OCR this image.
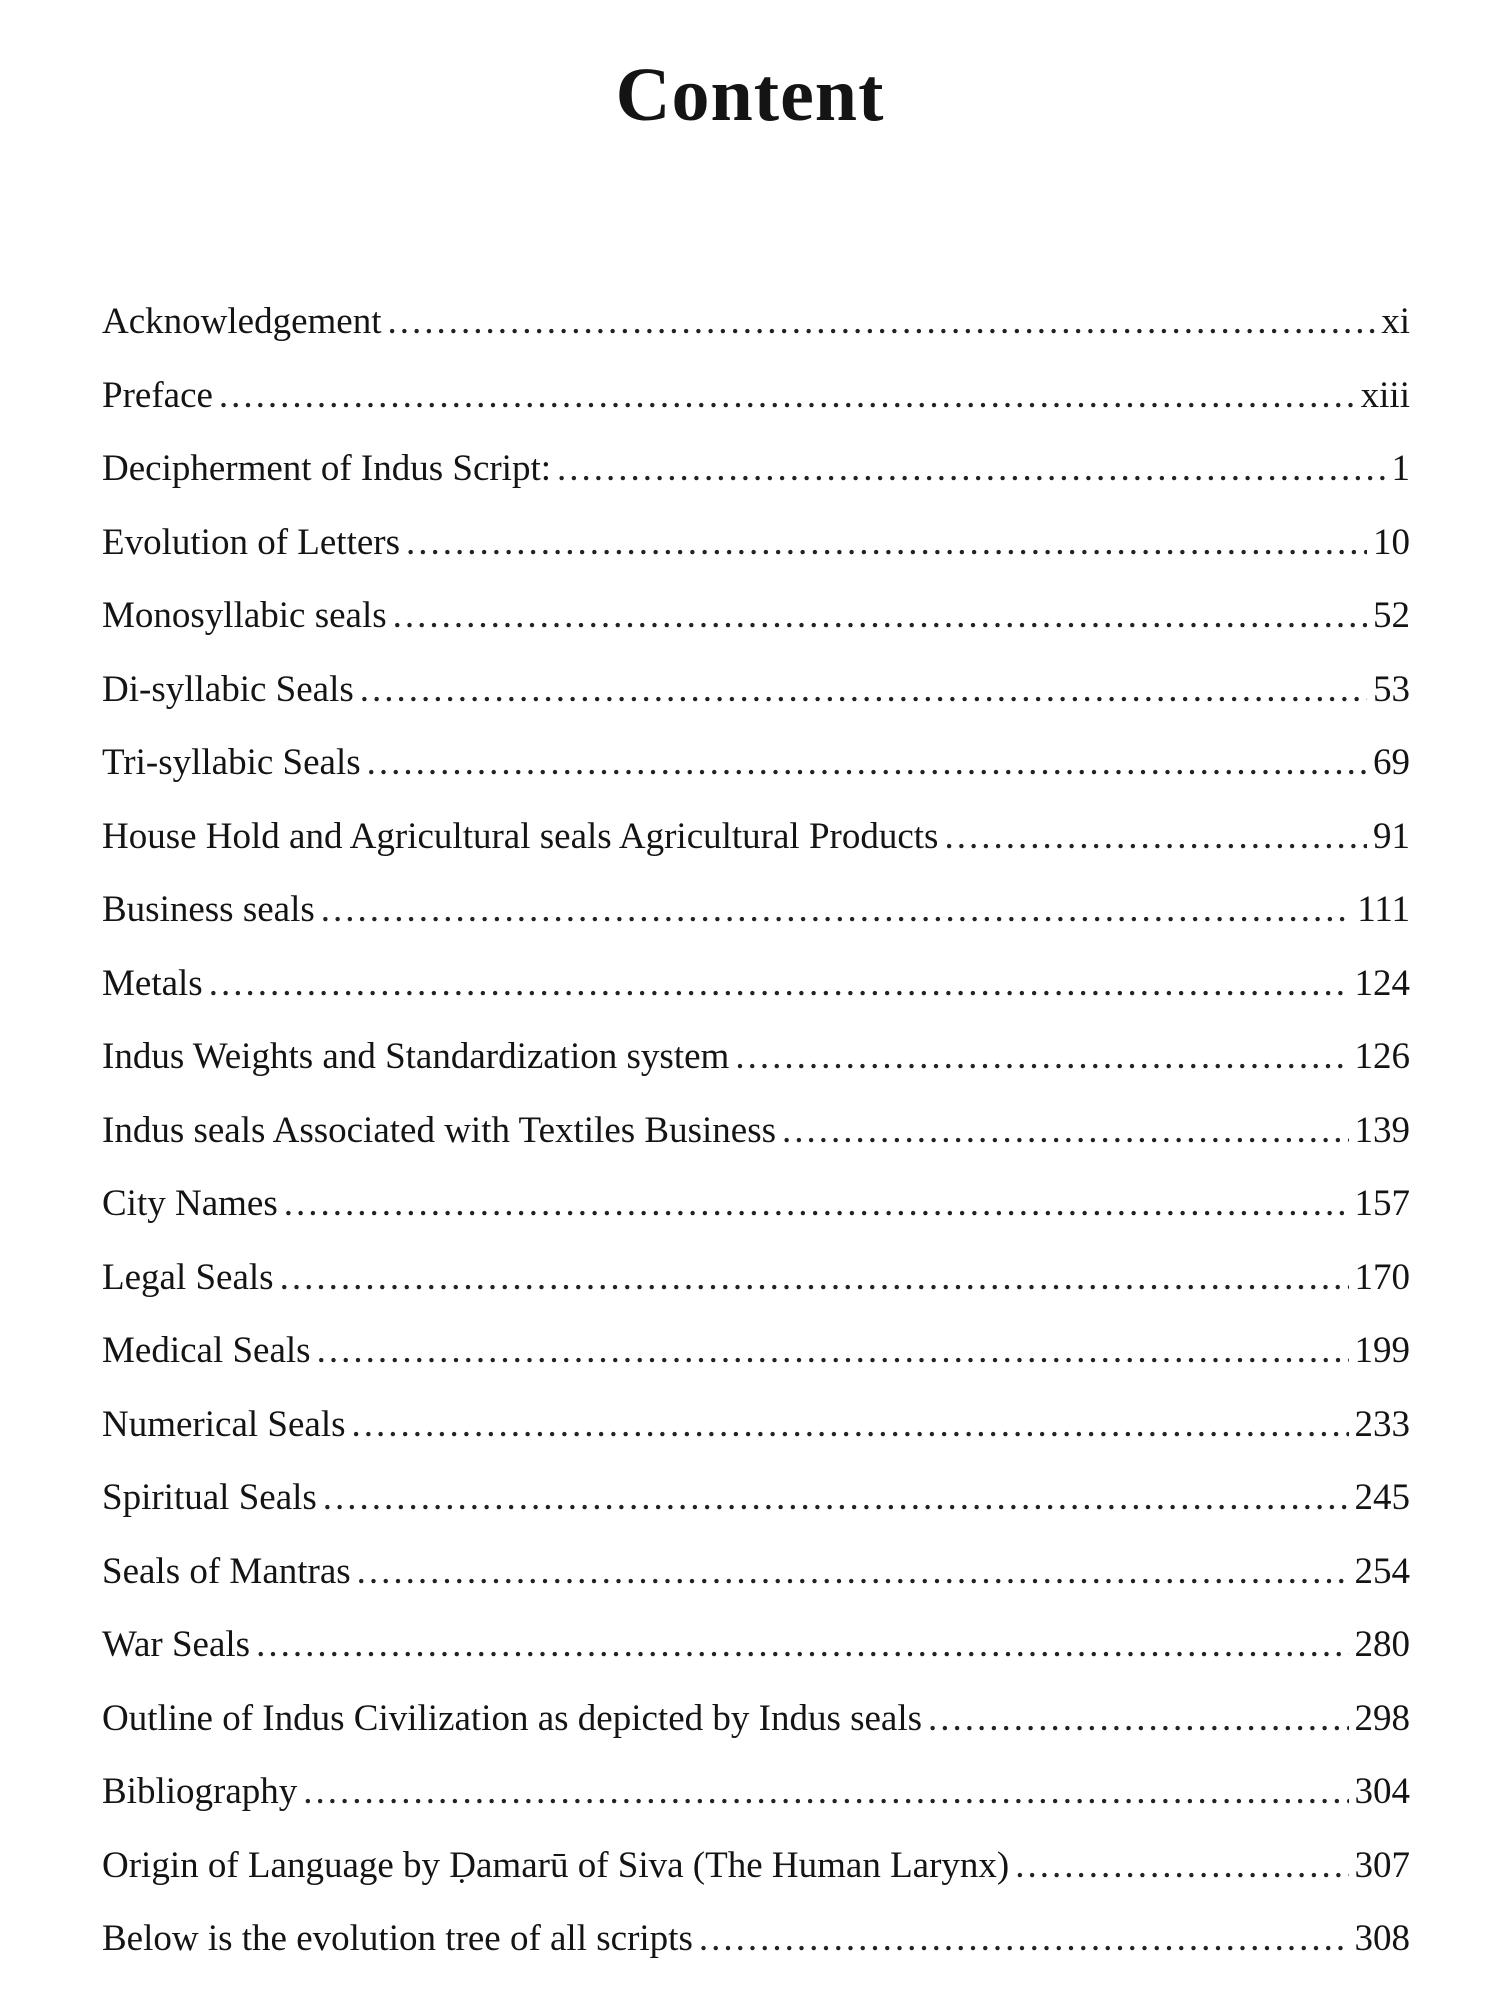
Content
Acknowledgement .....	xi
Preface .....	xiii
Decipherment of Indus Script: .....	1
Evolution of Letters .....	10
Monosyllabic seals .....	52
Di-syllabic Seals .....	53
Tri-syllabic Seals .....	69
House Hold and Agricultural seals Agricultural Products .....	91
Business seals .....	111
Metals .....	124
Indus Weights and Standardization system .....	126
Indus seals Associated with Textiles Business .....	139
City Names .....	157
Legal Seals .....	170
Medical Seals .....	199
Numerical Seals .....	233
Spiritual Seals .....	245
Seals of Mantras .....	254
War Seals .....	280
Outline of Indus Civilization as depicted by Indus seals .....	298
Bibliography .....	304
Origin of Language by Ḍamarū of Siva (The Human Larynx) .....	307
Below is the evolution tree of all scripts .....	308
